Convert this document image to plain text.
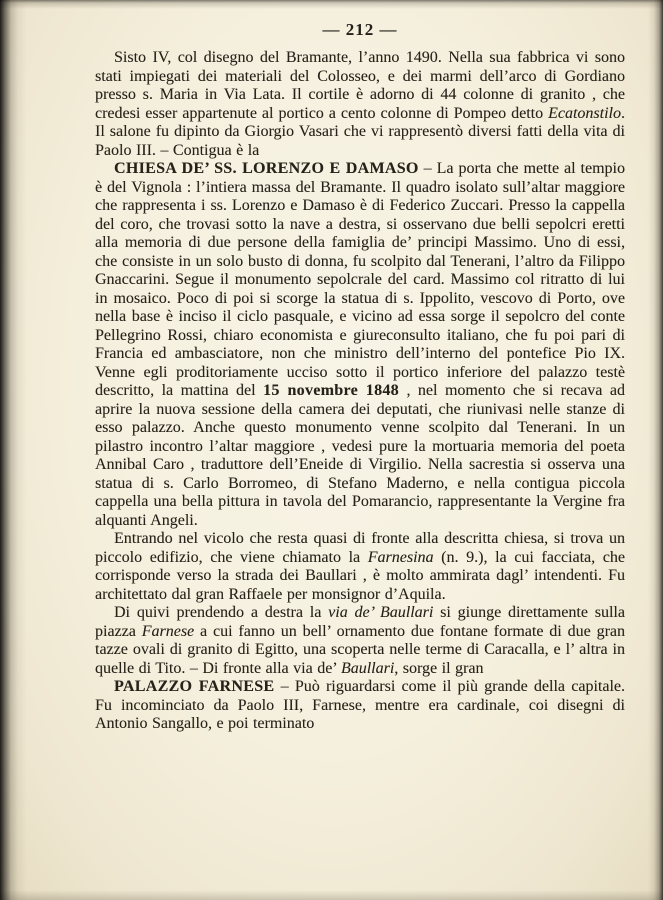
— 212 —

Sisto IV, col disegno del Bramante, l’anno 1490. Nella sua fabbrica vi sono stati impiegati dei materiali del Colosseo, e dei marmi dell’arco di Gordiano presso s. Maria in Via Lata. Il cortile è adorno di 44 colonne di granito , che credesi esser appartenute al portico a cento colonne di Pompeo detto Ecatonstilo. Il salone fu dipinto da Giorgio Vasari che vi rappresentò diversi fatti della vita di Paolo III. – Contigua è la

CHIESA DE’ SS. LORENZO E DAMASO – La porta che mette al tempio è del Vignola : l’intiera massa del Bramante. Il quadro isolato sull’altar maggiore che rappresenta i ss. Lorenzo e Damaso è di Federico Zuccari. Presso la cappella del coro, che trovasi sotto la nave a destra, si osservano due belli sepolcri eretti alla memoria di due persone della famiglia de’ principi Massimo. Uno di essi, che consiste in un solo busto di donna, fu scolpito dal Tenerani, l’altro da Filippo Gnaccarini. Segue il monumento sepolcrale del card. Massimo col ritratto di lui in mosaico. Poco di poi si scorge la statua di s. Ippolito, vescovo di Porto, ove nella base è inciso il ciclo pasquale, e vicino ad essa sorge il sepolcro del conte Pellegrino Rossi, chiaro economista e giureconsulto italiano, che fu poi pari di Francia ed ambasciatore, non che ministro dell’interno del pontefice Pio IX. Venne egli proditoriamente ucciso sotto il portico inferiore del palazzo testè descritto, la mattina del 15 novembre 1848 , nel momento che si recava ad aprire la nuova sessione della camera dei deputati, che riunivasi nelle stanze di esso palazzo. Anche questo monumento venne scolpito dal Tenerani. In un pilastro incontro l’altar maggiore , vedesi pure la mortuaria memoria del poeta Annibal Caro , traduttore dell’Eneide di Virgilio. Nella sacrestia si osserva una statua di s. Carlo Borromeo, di Stefano Maderno, e nella contigua piccola cappella una bella pittura in tavola del Pomarancio, rappresentante la Vergine fra alquanti Angeli.

Entrando nel vicolo che resta quasi di fronte alla descritta chiesa, si trova un piccolo edifizio, che viene chiamato la Farnesina (n. 9.), la cui facciata, che corrisponde verso la strada dei Baullari , è molto ammirata dagl’ intendenti. Fu architettato dal gran Raffaele per monsignor d’Aquila.

Di quivi prendendo a destra la via de’ Baullari si giunge direttamente sulla piazza Farnese a cui fanno un bell’ ornamento due fontane formate di due gran tazze ovali di granito di Egitto, una scoperta nelle terme di Caracalla, e l’ altra in quelle di Tito. – Di fronte alla via de’ Baullari, sorge il gran

PALAZZO FARNESE – Può riguardarsi come il più grande della capitale. Fu incominciato da Paolo III, Farnese, mentre era cardinale, coi disegni di Antonio Sangallo, e poi terminato
